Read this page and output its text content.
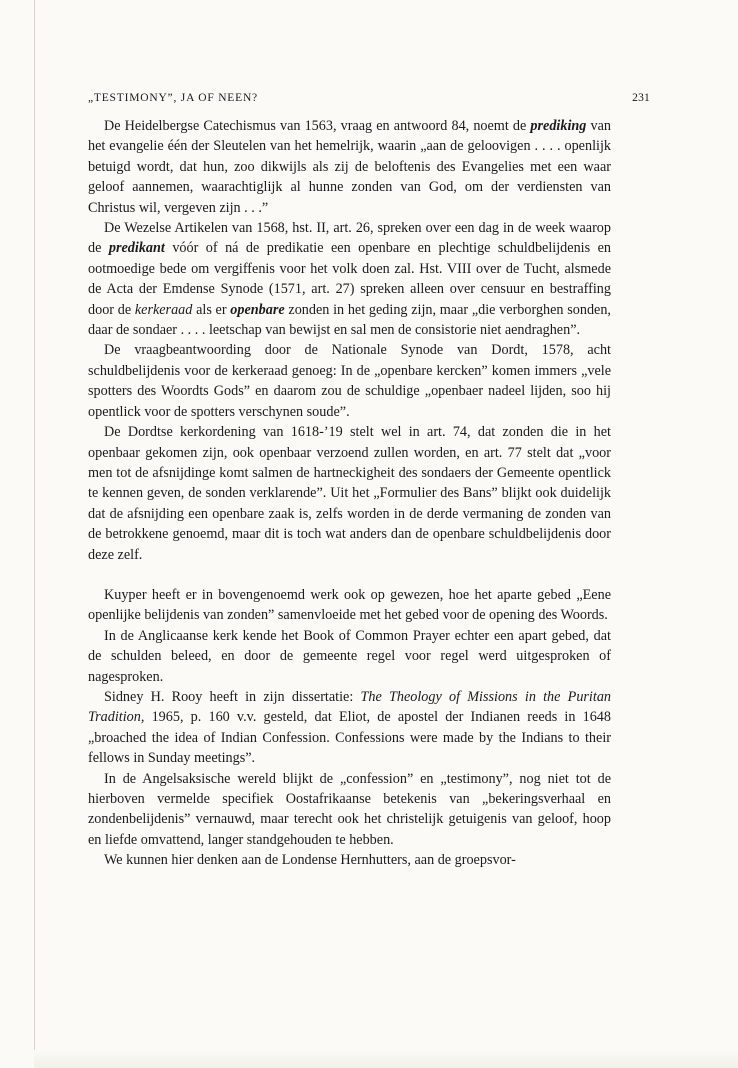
„TESTIMONY”, JA OF NEEN?	231

De Heidelbergse Catechismus van 1563, vraag en antwoord 84, noemt de prediking van het evangelie één der Sleutelen van het hemelrijk, waarin „aan de geloovigen . . . . openlijk betuigd wordt, dat hun, zoo dikwijls als zij de beloftenis des Evangelies met een waar geloof aannemen, waarachtiglijk al hunne zonden van God, om der verdiensten van Christus wil, vergeven zijn . . .”

De Wezelse Artikelen van 1568, hst. II, art. 26, spreken over een dag in de week waarop de predikant vóór of ná de predikatie een openbare en plechtige schuldbelijdenis en ootmoedige bede om vergiffenis voor het volk doen zal. Hst. VIII over de Tucht, alsmede de Acta der Emdense Synode (1571, art. 27) spreken alleen over censuur en bestraffing door de kerkeraad als er openbare zonden in het geding zijn, maar „die verborghen sonden, daar de sondaer . . . . leetschap van bewijst en sal men de consistorie niet aendraghen”.

De vraagbeantwoording door de Nationale Synode van Dordt, 1578, acht schuldbelijdenis voor de kerkeraad genoeg: In de „openbare kercken” komen immers „vele spotters des Woordts Gods” en daarom zou de schuldige „openbaer nadeel lijden, soo hij opentlick voor de spotters verschynen soude”.

De Dordtse kerkordening van 1618-’19 stelt wel in art. 74, dat zonden die in het openbaar gekomen zijn, ook openbaar verzoend zullen worden, en art. 77 stelt dat „voor men tot de afsnijdinge komt salmen de hartneckigheit des sondaers der Gemeente opentlick te kennen geven, de sonden verklarende”. Uit het „Formulier des Bans” blijkt ook duidelijk dat de afsnijding een openbare zaak is, zelfs worden in de derde vermaning de zonden van de betrokkene genoemd, maar dit is toch wat anders dan de openbare schuldbelijdenis door deze zelf.

Kuyper heeft er in bovengenoemd werk ook op gewezen, hoe het aparte gebed „Eene openlijke belijdenis van zonden” samenvloeide met het gebed voor de opening des Woords.

In de Anglicaanse kerk kende het Book of Common Prayer echter een apart gebed, dat de schulden beleed, en door de gemeente regel voor regel werd uitgesproken of nagesproken.

Sidney H. Rooy heeft in zijn dissertatie: The Theology of Missions in the Puritan Tradition, 1965, p. 160 v.v. gesteld, dat Eliot, de apostel der Indianen reeds in 1648 „broached the idea of Indian Confession. Confessions were made by the Indians to their fellows in Sunday meetings”.

In de Angelsaksische wereld blijkt de „confession” en „testimony”, nog niet tot de hierboven vermelde specifiek Oostafrikaanse betekenis van „bekeringsverhaal en zondenbelijdenis” vernauwd, maar terecht ook het christelijk getuigenis van geloof, hoop en liefde omvattend, langer standgehouden te hebben.

We kunnen hier denken aan de Londense Hernhutters, aan de groepsvor-
